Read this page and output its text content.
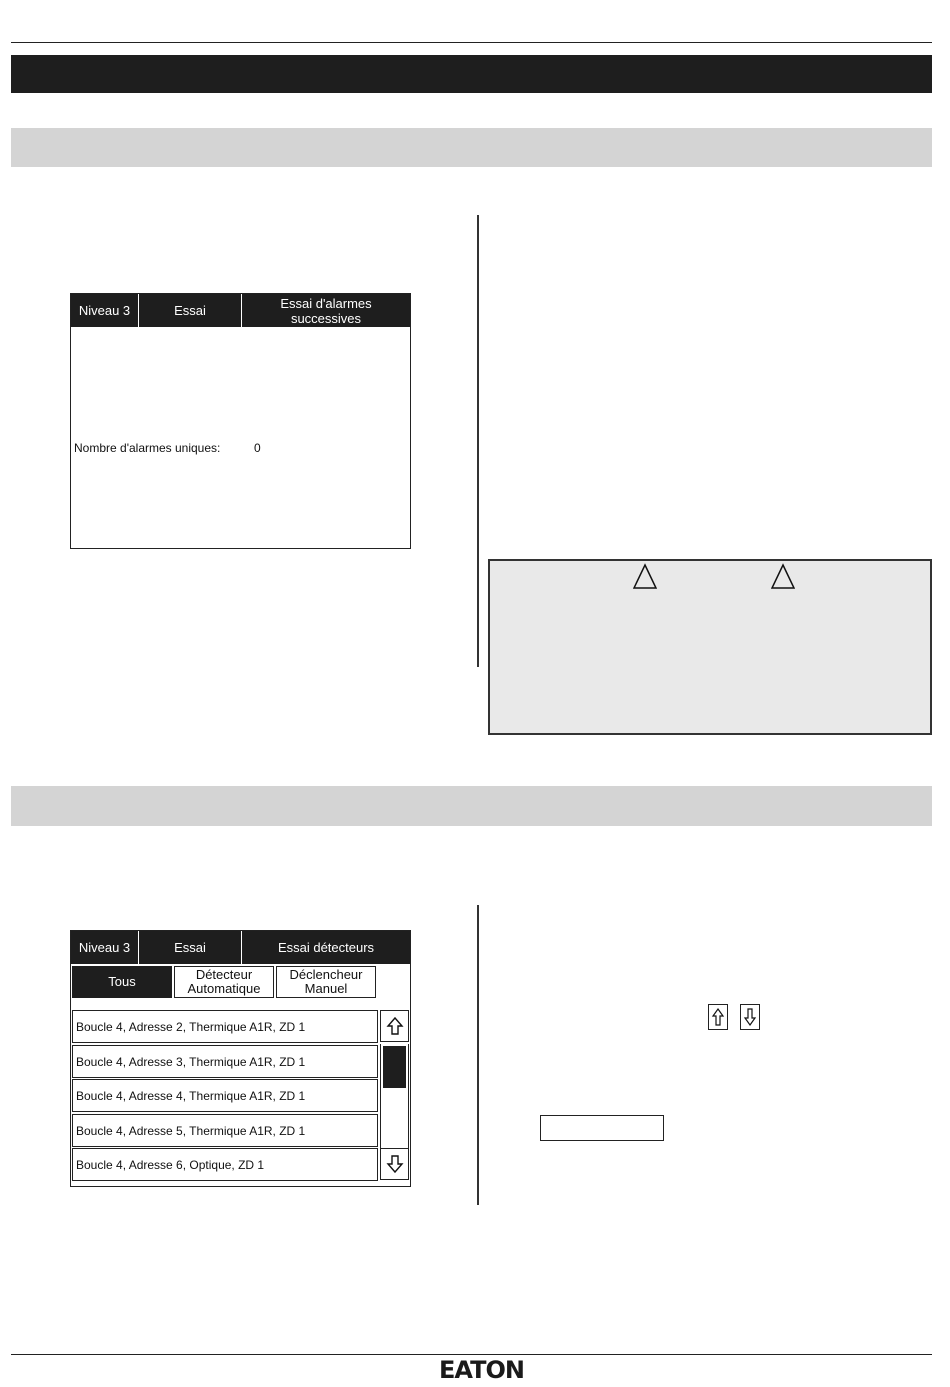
Niveau 3	Essai	Essai d'alarmes successives
Nombre d'alarmes uniques:	0
Niveau 3	Essai	Essai détecteurs
Tous	Détecteur Automatique
Déclencheur Manuel
Boucle 4, Adresse 2, Thermique A1R, ZD 1
Boucle 4, Adresse 3, Thermique A1R, ZD 1
Boucle 4, Adresse 4, Thermique A1R, ZD 1
Boucle 4, Adresse 5, Thermique A1R, ZD 1
Boucle 4, Adresse 6, Optique, ZD 1
EATON
